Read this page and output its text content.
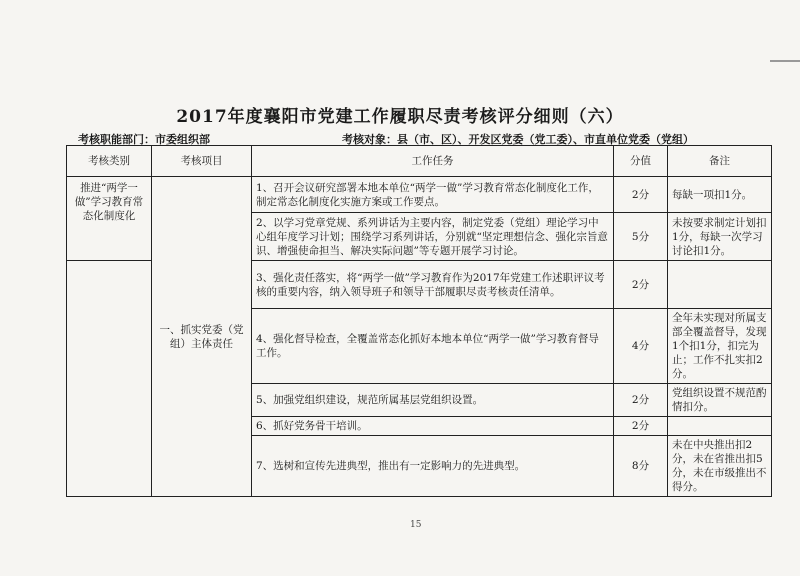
2017年度襄阳市党建工作履职尽责考核评分细则（六）
考核职能部门：市委组织部	考核对象：县（市、区）、开发区党委（党工委）、市直单位党委（党组）
考核类别	考核项目	工作任务	分值	备注
推进“两学一做”学习教育常态化制度化	一、抓实党委（党组）主体责任	1、召开会议研究部署本地本单位“两学一做”学习教育常态化制度化工作，制定常态化制度化实施方案或工作要点。	2分	每缺一项扣1分。
		2、以学习党章党规、系列讲话为主要内容，制定党委（党组）理论学习中心组年度学习计划；围绕学习系列讲话，分别就“坚定理想信念、强化宗旨意识、增强使命担当、解决实际问题”等专题开展学习讨论。	5分	未按要求制定计划扣1分，每缺一次学习讨论扣1分。
		3、强化责任落实，将“两学一做”学习教育作为2017年党建工作述职评议考核的重要内容，纳入领导班子和领导干部履职尽责考核责任清单。	2分	
		4、强化督导检查，全覆盖常态化抓好本地本单位“两学一做”学习教育督导工作。	4分	全年未实现对所属支部全覆盖督导，发现1个扣1分，扣完为止；工作不扎实扣2分。
		5、加强党组织建设，规范所属基层党组织设置。	2分	党组织设置不规范酌情扣分。
		6、抓好党务骨干培训。	2分	
		7、选树和宣传先进典型，推出有一定影响力的先进典型。	8分	未在中央推出扣2分，未在省推出扣5分，未在市级推出不得分。
15
